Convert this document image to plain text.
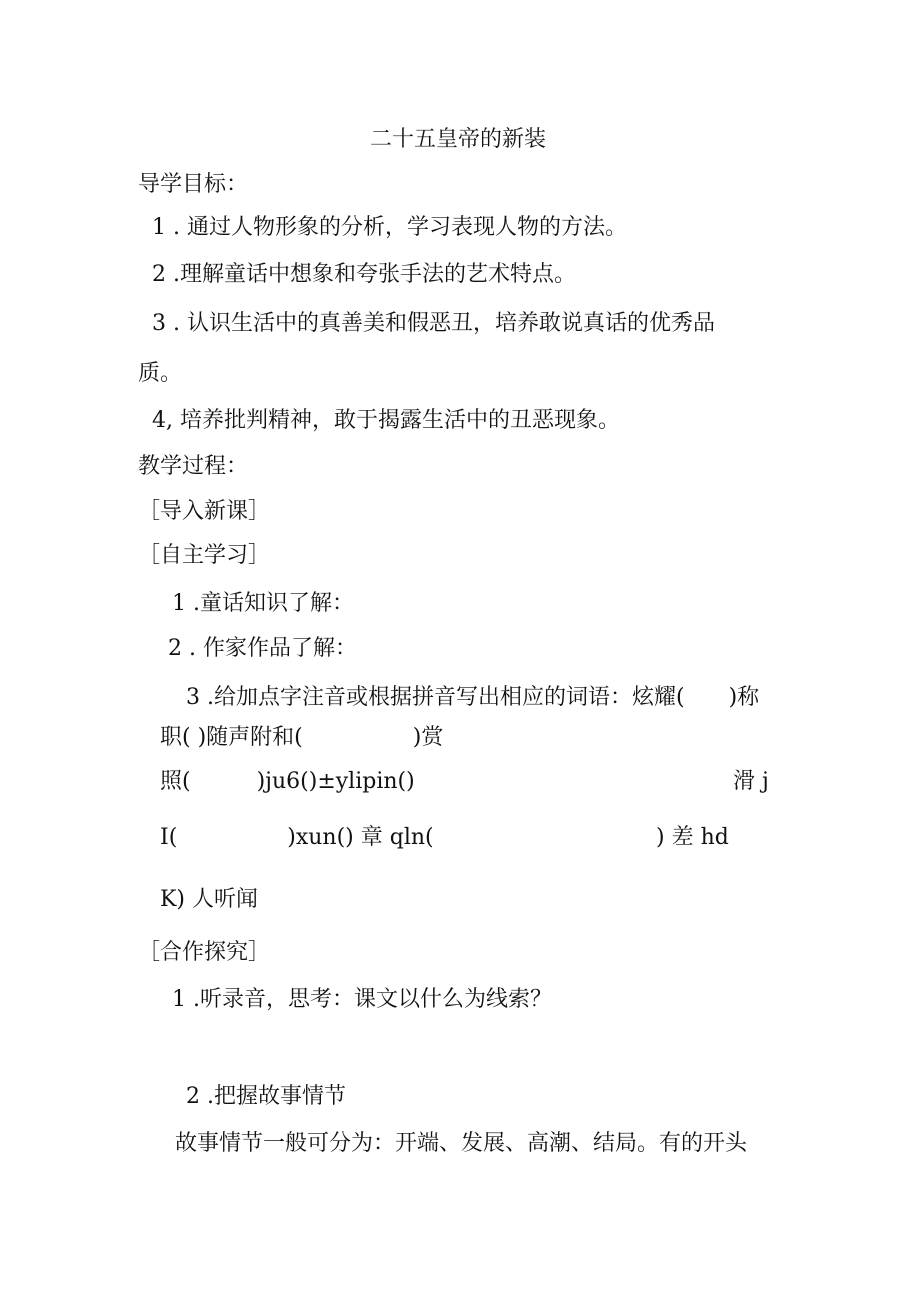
二十五皇帝的新装
导学目标：
1 . 通过人物形象的分析，学习表现人物的方法。
2 .理解童话中想象和夸张手法的艺术特点。
3 . 认识生活中的真善美和假恶丑，培养敢说真话的优秀品
质。
4, 培养批判精神，敢于揭露生活中的丑恶现象。
教学过程：
［导入新课］
［自主学习］
1 .童话知识了解：
2 . 作家作品了解：
3 .给加点字注音或根据拼音写出相应的词语：炫耀(　　)称
职( )随声附和(　　　　　)赏
照(　　　)ju6()±ylipin()	滑 j
I(　　　　　)xun() 章 qln(	) 差 hd
K) 人听闻
［合作探究］
1 .听录音，思考：课文以什么为线索？
2 .把握故事情节
故事情节一般可分为：开端、发展、高潮、结局。有的开头
